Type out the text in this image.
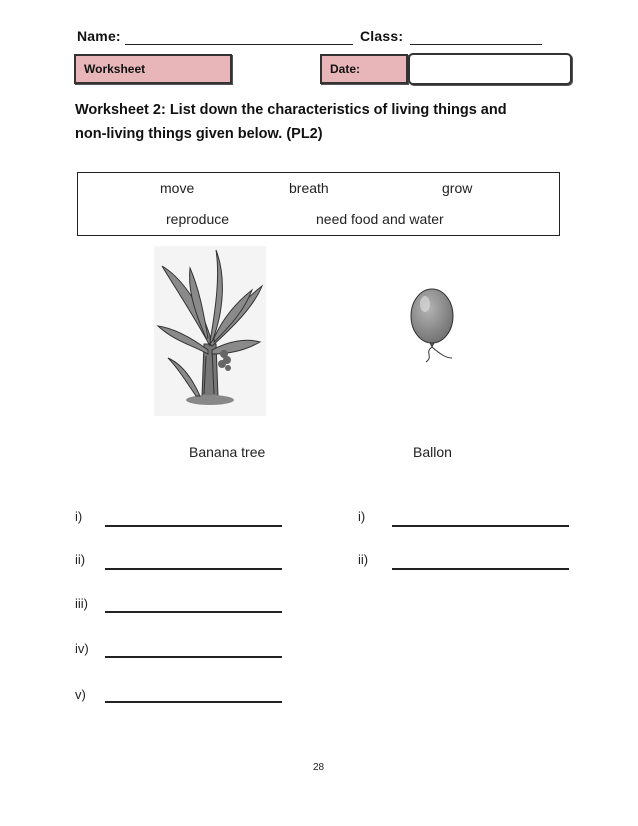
Name:	Class:
Worksheet	Date:
Worksheet 2: List down the characteristics of living things and
non-living things given below. (PL2)
move	breath	grow
reproduce	need food and water
Banana tree	Ballon
i)
ii)
iii)
iv)
v)
i)
ii)
28
